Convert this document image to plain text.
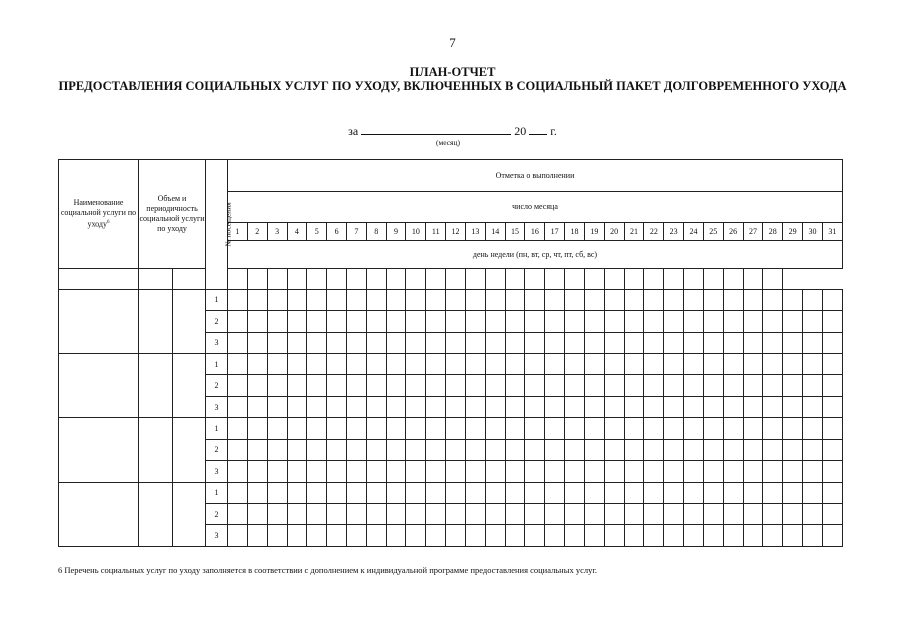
7
ПЛАН-ОТЧЕТ
ПРЕДОСТАВЛЕНИЯ СОЦИАЛЬНЫХ УСЛУГ ПО УХОДУ, ВКЛЮЧЕННЫХ В СОЦИАЛЬНЫЙ ПАКЕТ ДОЛГОВРЕМЕННОГО УХОДА
за	20 г.
(месяц)
Наименование социальной услуги по уходу$^6$	Объем и периодичность социальной услуги по уходу		№ посещения	Отметка о выполнении																														
				число месяца																														
				1	2	3	4	5	6	7	8	9	10	11	12	13	14	15	16	17	18	19	20	21	22	23	24	25	26	27	28	29	30	31
				день недели (пн, вт, ср, чт, пт, сб, вс)																														

			1																															
			2																															
			3																															
			1																															
			2																															
			3																															
			1																															
			2																															
			3																															
			1																															
			2																															
			3																															
6 Перечень социальных услуг по уходу заполняется в соответствии с дополнением к индивидуальной программе предоставления социальных услуг.
